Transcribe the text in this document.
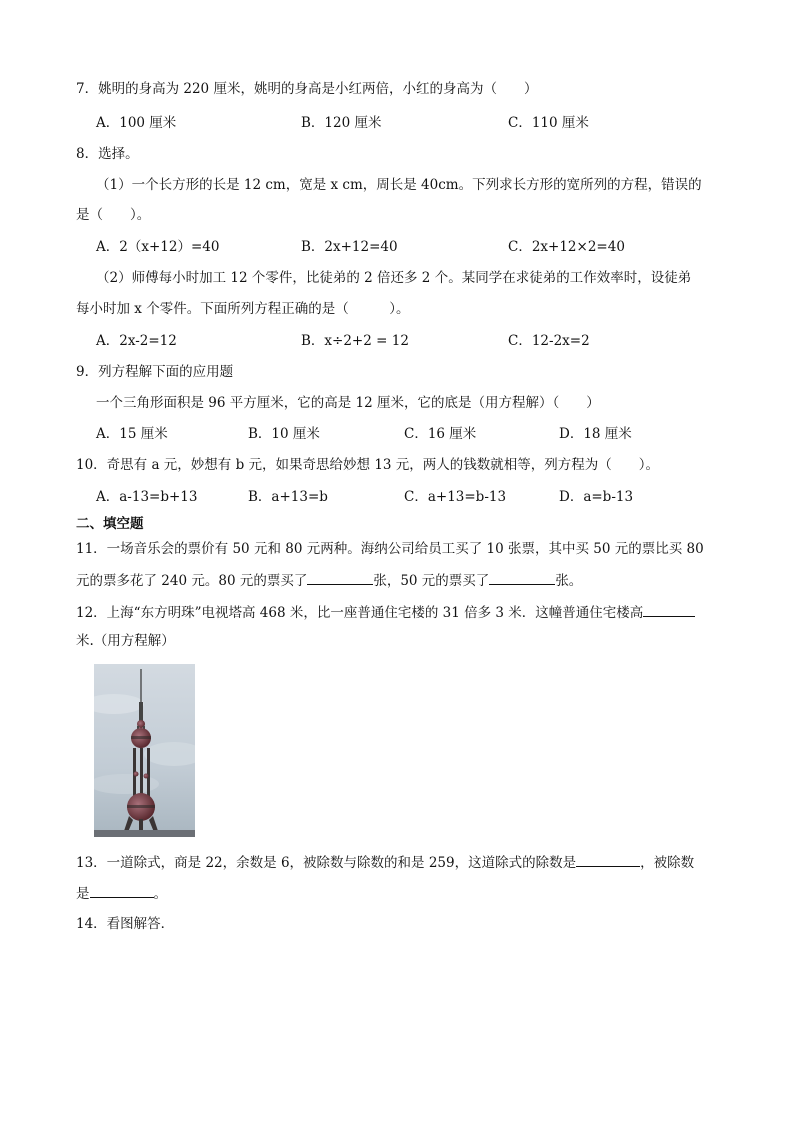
7．姚明的身高为 220 厘米，姚明的身高是小红两倍，小红的身高为（　　）
A．100 厘米	B．120 厘米	C．110 厘米
8．选择。
（1）一个长方形的长是 12 cm，宽是 x cm，周长是 40cm。下列求长方形的宽所列的方程，错误的
是（　　）。
A．2（x+12）=40	B．2x+12=40	C．2x+12×2=40
（2）师傅每小时加工 12 个零件，比徒弟的 2 倍还多 2 个。某同学在求徒弟的工作效率时，设徒弟
每小时加 x 个零件。下面所列方程正确的是（　　　）。
A．2x-2=12	B．x÷2+2 = 12	C．12-2x=2
9．列方程解下面的应用题
一个三角形面积是 96 平方厘米，它的高是 12 厘米，它的底是（用方程解）（　　）
A．15 厘米	B．10 厘米	C．16 厘米	D．18 厘米
10．奇思有 a 元，妙想有 b 元，如果奇思给妙想 13 元，两人的钱数就相等，列方程为（　　）。
A．a-13=b+13	B．a+13=b	C．a+13=b-13	D．a=b-13
二、填空题
11．一场音乐会的票价有 50 元和 80 元两种。海纳公司给员工买了 10 张票，其中买 50 元的票比买 80
元的票多花了 240 元。80 元的票买了	张，50 元的票买了	张。
12．上海“东方明珠”电视塔高 468 米，比一座普通住宅楼的 31 倍多 3 米．这幢普通住宅楼高
米.（用方程解）
13．一道除式，商是 22，余数是 6，被除数与除数的和是 259，这道除式的除数是	，被除数
是	。
14．看图解答．
